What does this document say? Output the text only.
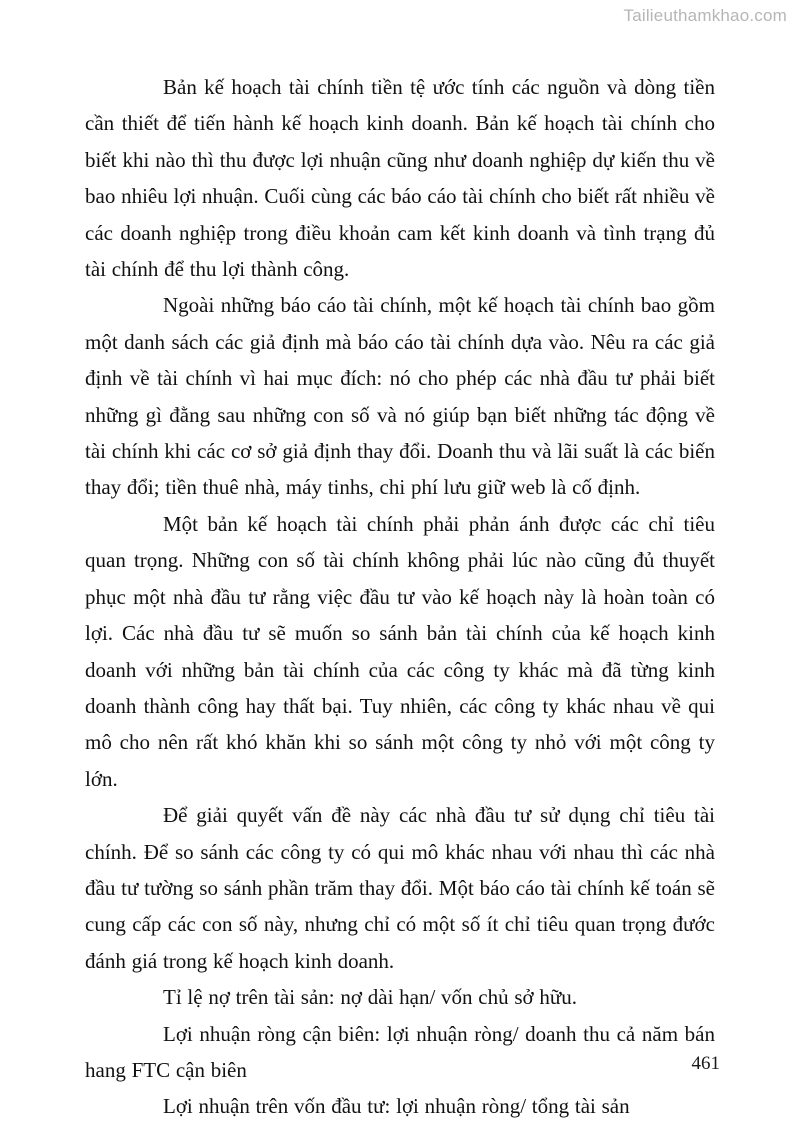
Tailieuthamkhao.com

Bản kế hoạch tài chính tiền tệ ước tính các nguồn và dòng tiền cần thiết để tiến hành kế hoạch kinh doanh. Bản kế hoạch tài chính cho biết khi nào thì thu được lợi nhuận cũng như doanh nghiệp dự kiến thu về bao nhiêu lợi nhuận. Cuối cùng các báo cáo tài chính cho biết rất nhiều về các doanh nghiệp trong điều khoản cam kết kinh doanh và tình trạng đủ tài chính để thu lợi thành công.

Ngoài những báo cáo tài chính, một kế hoạch tài chính bao gồm một danh sách các giả định mà báo cáo tài chính dựa vào. Nêu ra các giả định về tài chính vì hai mục đích: nó cho phép các nhà đầu tư phải biết những gì đằng sau những con số và nó giúp bạn biết những tác động về tài chính khi các cơ sở giả định thay đổi. Doanh thu và lãi suất là các biến thay đổi; tiền thuê nhà, máy tinhs, chi phí lưu giữ web là cố định.

Một bản kế hoạch tài chính phải phản ánh được các chỉ tiêu quan trọng. Những con số tài chính không phải lúc nào cũng đủ thuyết phục một nhà đầu tư rằng việc đầu tư vào kế hoạch này là hoàn toàn có lợi. Các nhà đầu tư sẽ muốn so sánh bản tài chính của kế hoạch kinh doanh với những bản tài chính của các công ty khác mà đã từng kinh doanh thành công hay thất bại. Tuy nhiên, các công ty khác nhau về qui mô cho nên rất khó khăn khi so sánh một công ty nhỏ với một công ty lớn.

Để giải quyết vấn đề này các nhà đầu tư sử dụng chỉ tiêu tài chính. Để so sánh các công ty có qui mô khác nhau với nhau thì các nhà đầu tư tường so sánh phần trăm thay đổi. Một báo cáo tài chính kế toán sẽ cung cấp các con số này, nhưng chỉ có một số ít chỉ tiêu quan trọng đước đánh giá trong kế hoạch kinh doanh.

Tỉ lệ nợ trên tài sản: nợ dài hạn/ vốn chủ sở hữu.

Lợi nhuận ròng cận biên: lợi nhuận ròng/ doanh thu cả năm bán hang FTC cận biên

Lợi nhuận trên vốn đầu tư: lợi nhuận ròng/ tổng tài sản

461
